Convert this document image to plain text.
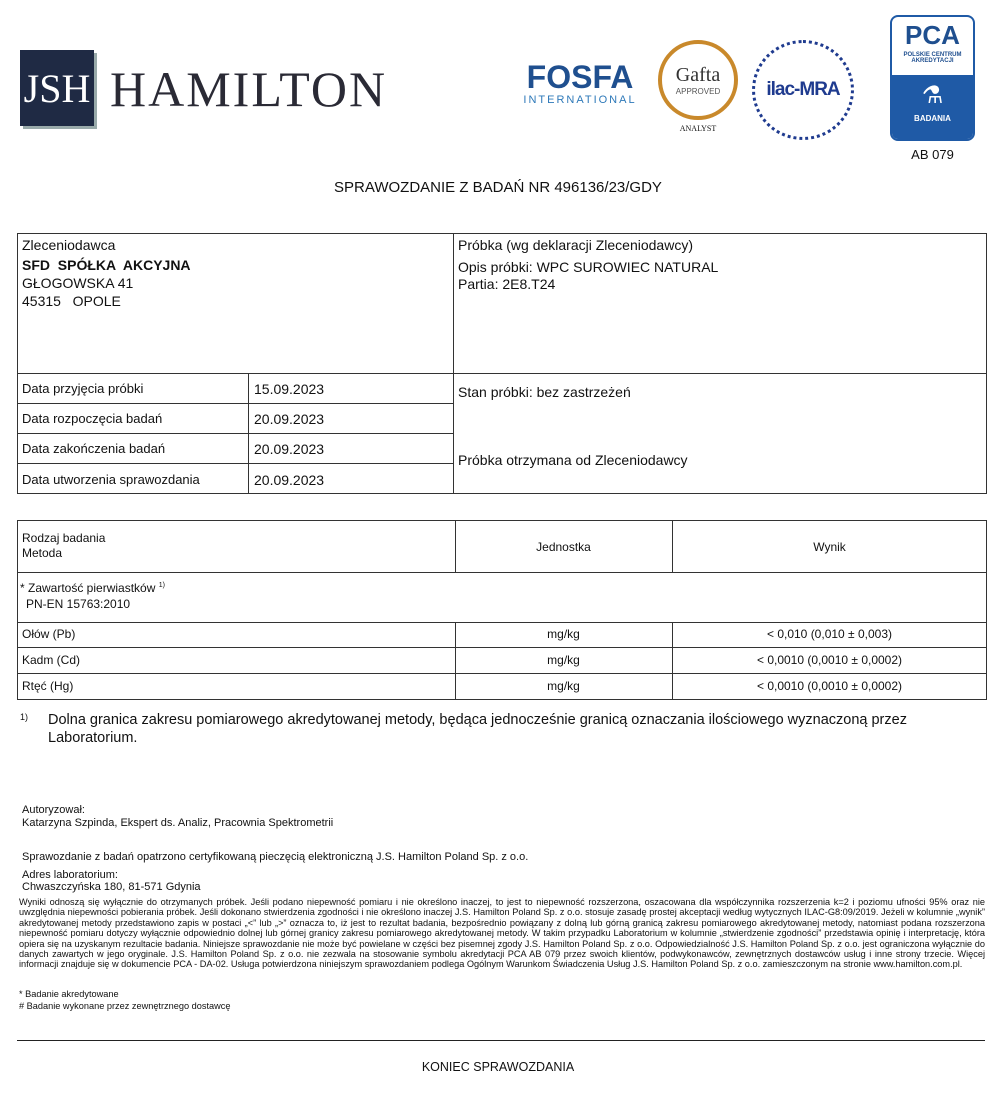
JSH HAMILTON	FOSFA
INTERNATIONAL
Gafta
APPROVED
ANALYST
ilac-MRA
PCA
POLSKIE CENTRUM
AKREDYTACJI
⚗
BADANIA
AB 079
SPRAWOZDANIE Z BADAŃ NR 496136/23/GDY
Zleceniodawca
SFD  SPÓŁKA  AKCYJNA
GŁOGOWSKA 41
45315   OPOLE
Próbka (wg deklaracji Zleceniodawcy)
Opis próbki: WPC SUROWIEC NATURAL
Partia: 2E8.T24
Stan próbki: bez zastrzeżeń
Próbka otrzymana od Zleceniodawcy
Data przyjęcia próbki	15.09.2023
Data rozpoczęcia badań	20.09.2023
Data zakończenia badań	20.09.2023
Data utworzenia sprawozdania	20.09.2023
Rodzaj badania
Metoda	Jednostka	Wynik
* Zawartość pierwiastków $^{1)}$
PN-EN 15763:2010
Ołów (Pb)	mg/kg	< 0,010 (0,010 ± 0,003)
Kadm (Cd)	mg/kg	< 0,0010 (0,0010 ± 0,0002)
Rtęć (Hg)	mg/kg	< 0,0010 (0,0010 ± 0,0002)
1) Dolna granica zakresu pomiarowego akredytowanej metody, będąca jednocześnie granicą oznaczania ilościowego wyznaczoną przez Laboratorium.
Autoryzował:
Katarzyna Szpinda, Ekspert ds. Analiz, Pracownia Spektrometrii
Sprawozdanie z badań opatrzono certyfikowaną pieczęcią elektroniczną J.S. Hamilton Poland Sp. z o.o.
Adres laboratorium:
Chwaszczyńska 180, 81-571 Gdynia
Wyniki odnoszą się wyłącznie do otrzymanych próbek. Jeśli podano niepewność pomiaru i nie określono inaczej, to jest to niepewność rozszerzona, oszacowana dla współczynnika rozszerzenia k=2 i poziomu ufności 95% oraz nie uwzględnia niepewności pobierania próbek. Jeśli dokonano stwierdzenia zgodności i nie określono inaczej J.S. Hamilton Poland Sp. z o.o. stosuje zasadę prostej akceptacji według wytycznych ILAC-G8:09/2019. Jeżeli w kolumnie „wynik” akredytowanej metody przedstawiono zapis w postaci „<” lub „>” oznacza to, iż jest to rezultat badania, bezpośrednio powiązany z dolną lub górną granicą zakresu pomiarowego akredytowanej metody, natomiast podana rozszerzona niepewność pomiaru dotyczy wyłącznie odpowiednio dolnej lub górnej granicy zakresu pomiarowego akredytowanej metody. W takim przypadku Laboratorium w kolumnie „stwierdzenie zgodności” przedstawia opinię i interpretację, która opiera się na uzyskanym rezultacie badania. Niniejsze sprawozdanie nie może być powielane w części bez pisemnej zgody J.S. Hamilton Poland Sp. z o.o. Odpowiedzialność J.S. Hamilton Poland Sp. z o.o. jest ograniczona wyłącznie do danych zawartych w jego oryginale. J.S. Hamilton Poland Sp. z o.o. nie zezwala na stosowanie symbolu akredytacji PCA AB 079 przez swoich klientów, podwykonawców, zewnętrznych dostawców usług i inne strony trzecie. Więcej informacji znajduje się w dokumencie PCA - DA-02. Usługa potwierdzona niniejszym sprawozdaniem podlega Ogólnym Warunkom Świadczenia Usług J.S. Hamilton Poland Sp. z o.o. zamieszczonym na stronie www.hamilton.com.pl.
* Badanie akredytowane
# Badanie wykonane przez zewnętrznego dostawcę
KONIEC SPRAWOZDANIA
